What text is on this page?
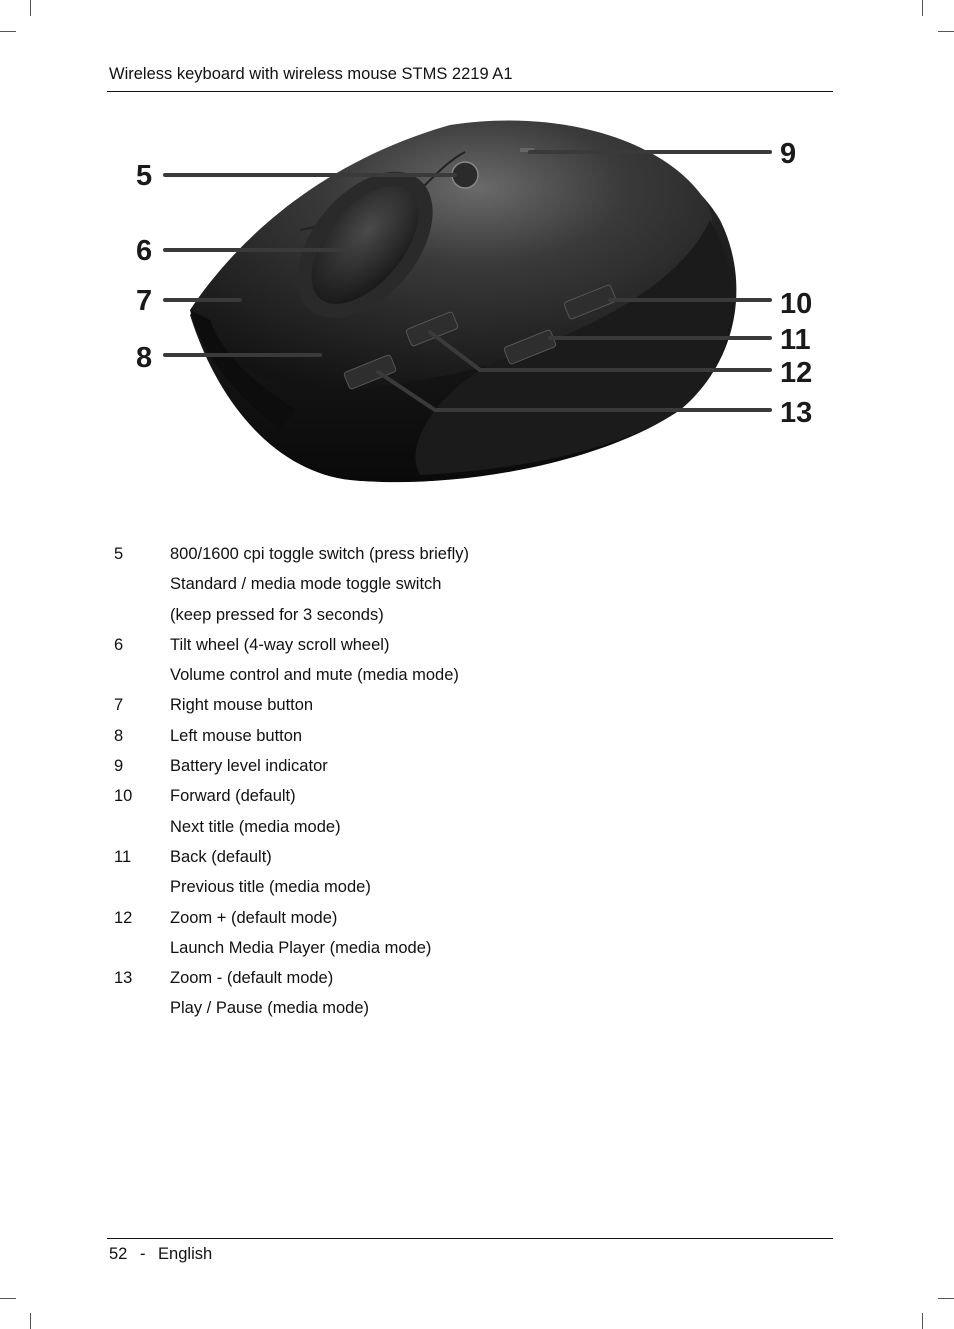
Wireless keyboard with wireless mouse STMS 2219 A1
5
6
7
8
9
10
11
12
13
5	800/1600 cpi toggle switch (press briefly)
Standard / media mode toggle switch
(keep pressed for 3 seconds)
6	Tilt wheel (4-way scroll wheel)
Volume control and mute (media mode)
7	Right mouse button
8	Left mouse button
9	Battery level indicator
10	Forward (default)
Next title (media mode)
11	Back (default)
Previous title (media mode)
12	Zoom + (default mode)
Launch Media Player (media mode)
13	Zoom - (default mode)
Play / Pause (media mode)
52 - English
